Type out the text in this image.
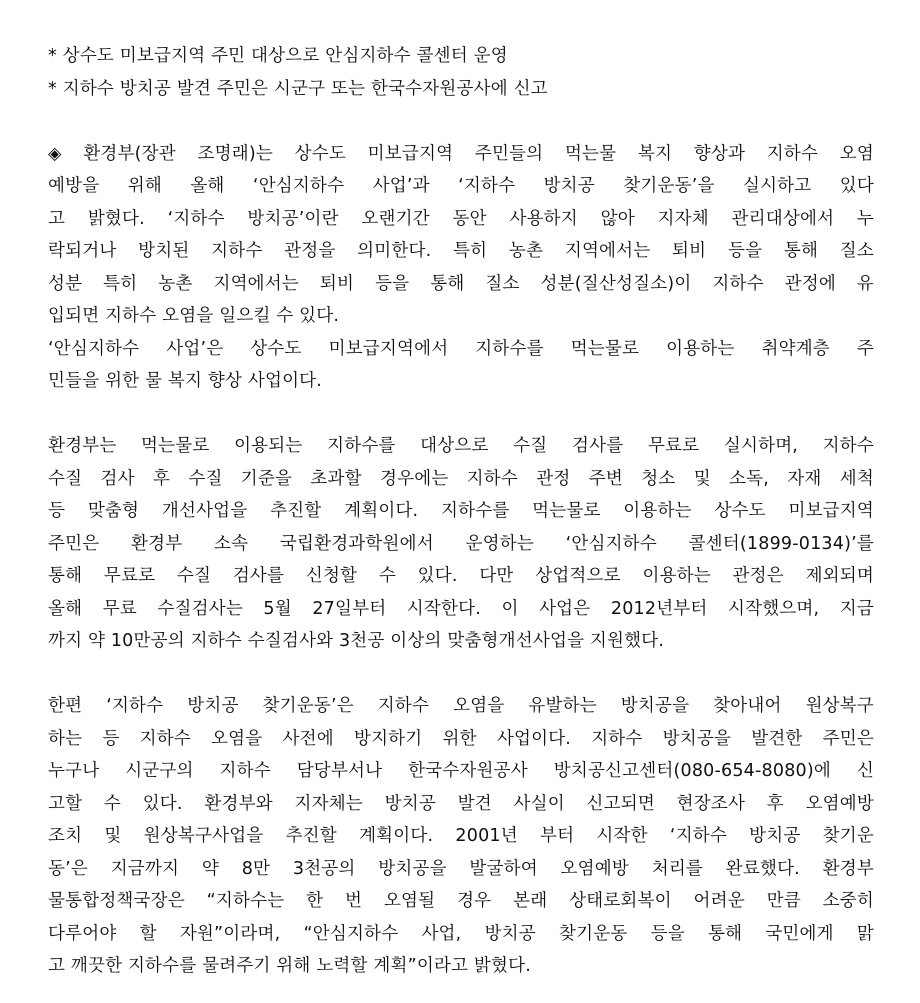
* 상수도 미보급지역 주민 대상으로 안심지하수 콜센터 운영
* 지하수 방치공 발견 주민은 시군구 또는 한국수자원공사에 신고
◈ 환경부(장관 조명래)는 상수도 미보급지역 주민들의 먹는물 복지 향상과 지하수 오염
예방을 위해 올해 ‘안심지하수 사업’과 ‘지하수 방치공 찾기운동’을 실시하고 있다
고 밝혔다. ‘지하수 방치공’이란 오랜기간 동안 사용하지 않아 지자체 관리대상에서 누
락되거나 방치된 지하수 관정을 의미한다. 특히 농촌 지역에서는 퇴비 등을 통해 질소
성분 특히 농촌 지역에서는 퇴비 등을 통해 질소 성분(질산성질소)이 지하수 관정에 유
입되면 지하수 오염을 일으킬 수 있다.
‘안심지하수 사업’은 상수도 미보급지역에서 지하수를 먹는물로 이용하는 취약계층 주
민들을 위한 물 복지 향상 사업이다.
환경부는 먹는물로 이용되는 지하수를 대상으로 수질 검사를 무료로 실시하며, 지하수
수질 검사 후 수질 기준을 초과할 경우에는 지하수 관정 주변 청소 및 소독, 자재 세척
등 맞춤형 개선사업을 추진할 계획이다. 지하수를 먹는물로 이용하는 상수도 미보급지역
주민은 환경부 소속 국립환경과학원에서 운영하는 ‘안심지하수 콜센터(1899-0134)’를
통해 무료로 수질 검사를 신청할 수 있다. 다만 상업적으로 이용하는 관정은 제외되며
올해 무료 수질검사는 5월 27일부터 시작한다. 이 사업은 2012년부터 시작했으며, 지금
까지 약 10만공의 지하수 수질검사와 3천공 이상의 맞춤형개선사업을 지원했다.
한편 ‘지하수 방치공 찾기운동’은 지하수 오염을 유발하는 방치공을 찾아내어 원상복구
하는 등 지하수 오염을 사전에 방지하기 위한 사업이다. 지하수 방치공을 발견한 주민은
누구나 시군구의 지하수 담당부서나 한국수자원공사 방치공신고센터(080-654-8080)에 신
고할 수 있다. 환경부와 지자체는 방치공 발견 사실이 신고되면 현장조사 후 오염예방
조치 및 원상복구사업을 추진할 계획이다. 2001년 부터 시작한 ‘지하수 방치공 찾기운
동’은 지금까지 약 8만 3천공의 방치공을 발굴하여 오염예방 처리를 완료했다. 환경부
물통합정책국장은 “지하수는 한 번 오염될 경우 본래 상태로회복이 어려운 만큼 소중히
다루어야 할 자원”이라며, “안심지하수 사업, 방치공 찾기운동 등을 통해 국민에게 맑
고 깨끗한 지하수를 물려주기 위해 노력할 계획”이라고 밝혔다.
